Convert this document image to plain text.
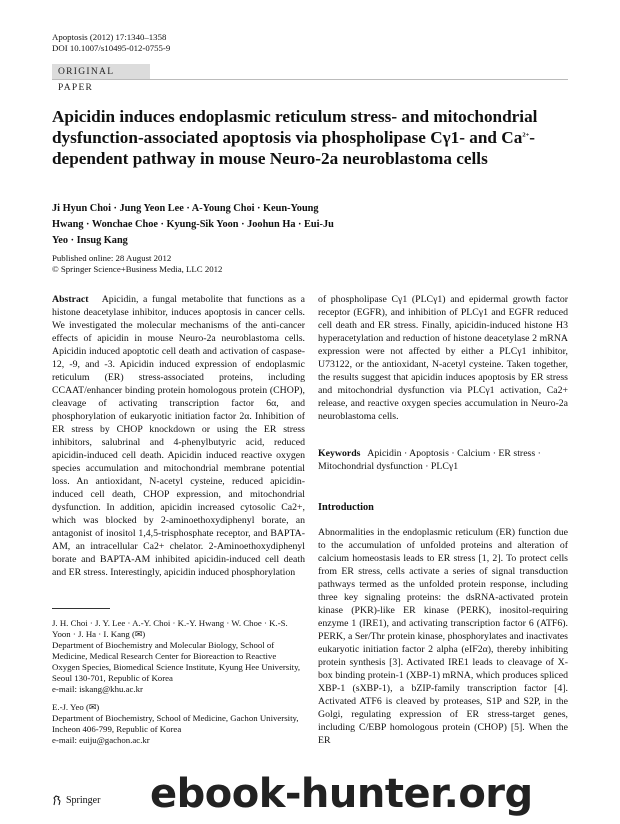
Apoptosis (2012) 17:1340–1358
DOI 10.1007/s10495-012-0755-9
ORIGINAL PAPER
Apicidin induces endoplasmic reticulum stress- and mitochondrial dysfunction-associated apoptosis via phospholipase Cγ1- and $Ca^{2+}$-dependent pathway in mouse Neuro-2a neuroblastoma cells
Ji Hyun Choi · Jung Yeon Lee · A-Young Choi · Keun-Young Hwang · Wonchae Choe · Kyung-Sik Yoon · Joohun Ha · Eui-Ju Yeo · Insug Kang
Published online: 28 August 2012
© Springer Science+Business Media, LLC 2012
Abstract Apicidin, a fungal metabolite that functions as a histone deacetylase inhibitor, induces apoptosis in cancer cells. We investigated the molecular mechanisms of the anti-cancer effects of apicidin in mouse Neuro-2a neuroblastoma cells. Apicidin induced apoptotic cell death and activation of caspase-12, -9, and -3. Apicidin induced expression of endoplasmic reticulum (ER) stress-associated proteins, including CCAAT/enhancer binding protein homologous protein (CHOP), cleavage of activating transcription factor 6α, and phosphorylation of eukaryotic initiation factor 2α. Inhibition of ER stress by CHOP knockdown or using the ER stress inhibitors, salubrinal and 4-phenylbutyric acid, reduced apicidin-induced cell death. Apicidin induced reactive oxygen species accumulation and mitochondrial membrane potential loss. An antioxidant, N-acetyl cysteine, reduced apicidin-induced cell death, CHOP expression, and mitochondrial dysfunction. In addition, apicidin increased cytosolic Ca2+, which was blocked by 2-aminoethoxydiphenyl borate, an antagonist of inositol 1,4,5-trisphosphate receptor, and BAPTA-AM, an intracellular Ca2+ chelator. 2-Aminoethoxydiphenyl borate and BAPTA-AM inhibited apicidin-induced cell death and ER stress. Interestingly, apicidin induced phosphorylation
of phospholipase Cγ1 (PLCγ1) and epidermal growth factor receptor (EGFR), and inhibition of PLCγ1 and EGFR reduced cell death and ER stress. Finally, apicidin-induced histone H3 hyperacetylation and reduction of histone deacetylase 2 mRNA expression were not affected by either a PLCγ1 inhibitor, U73122, or the antioxidant, N-acetyl cysteine. Taken together, the results suggest that apicidin induces apoptosis by ER stress and mitochondrial dysfunction via PLCγ1 activation, Ca2+ release, and reactive oxygen species accumulation in Neuro-2a neuroblastoma cells.
Keywords Apicidin · Apoptosis · Calcium · ER stress · Mitochondrial dysfunction · PLCγ1
Introduction
Abnormalities in the endoplasmic reticulum (ER) function due to the accumulation of unfolded proteins and alteration of calcium homeostasis leads to ER stress [1, 2]. To protect cells from ER stress, cells activate a series of signal transduction pathways termed as the unfolded protein response, including three key signaling proteins: the dsRNA-activated protein kinase (PKR)-like ER kinase (PERK), inositol-requiring enzyme 1 (IRE1), and activating transcription factor 6 (ATF6). PERK, a Ser/Thr protein kinase, phosphorylates and inactivates eukaryotic initiation factor 2 alpha (eIF2α), thereby inhibiting protein synthesis [3]. Activated IRE1 leads to cleavage of X-box binding protein-1 (XBP-1) mRNA, which produces spliced XBP-1 (sXBP-1), a bZIP-family transcription factor [4]. Activated ATF6 is cleaved by proteases, S1P and S2P, in the Golgi, regulating expression of ER stress-target genes, including C/EBP homologous protein (CHOP) [5]. When the ER
J. H. Choi · J. Y. Lee · A.-Y. Choi · K.-Y. Hwang · W. Choe · K.-S. Yoon · J. Ha · I. Kang (✉)
Department of Biochemistry and Molecular Biology, School of Medicine, Medical Research Center for Bioreaction to Reactive Oxygen Species, Biomedical Science Institute, Kyung Hee University, Seoul 130-701, Republic of Korea
e-mail: iskang@khu.ac.kr
E.-J. Yeo (✉)
Department of Biochemistry, School of Medicine, Gachon University, Incheon 406-799, Republic of Korea
e-mail: euiju@gachon.ac.kr
Springer ebook-hunter.org
